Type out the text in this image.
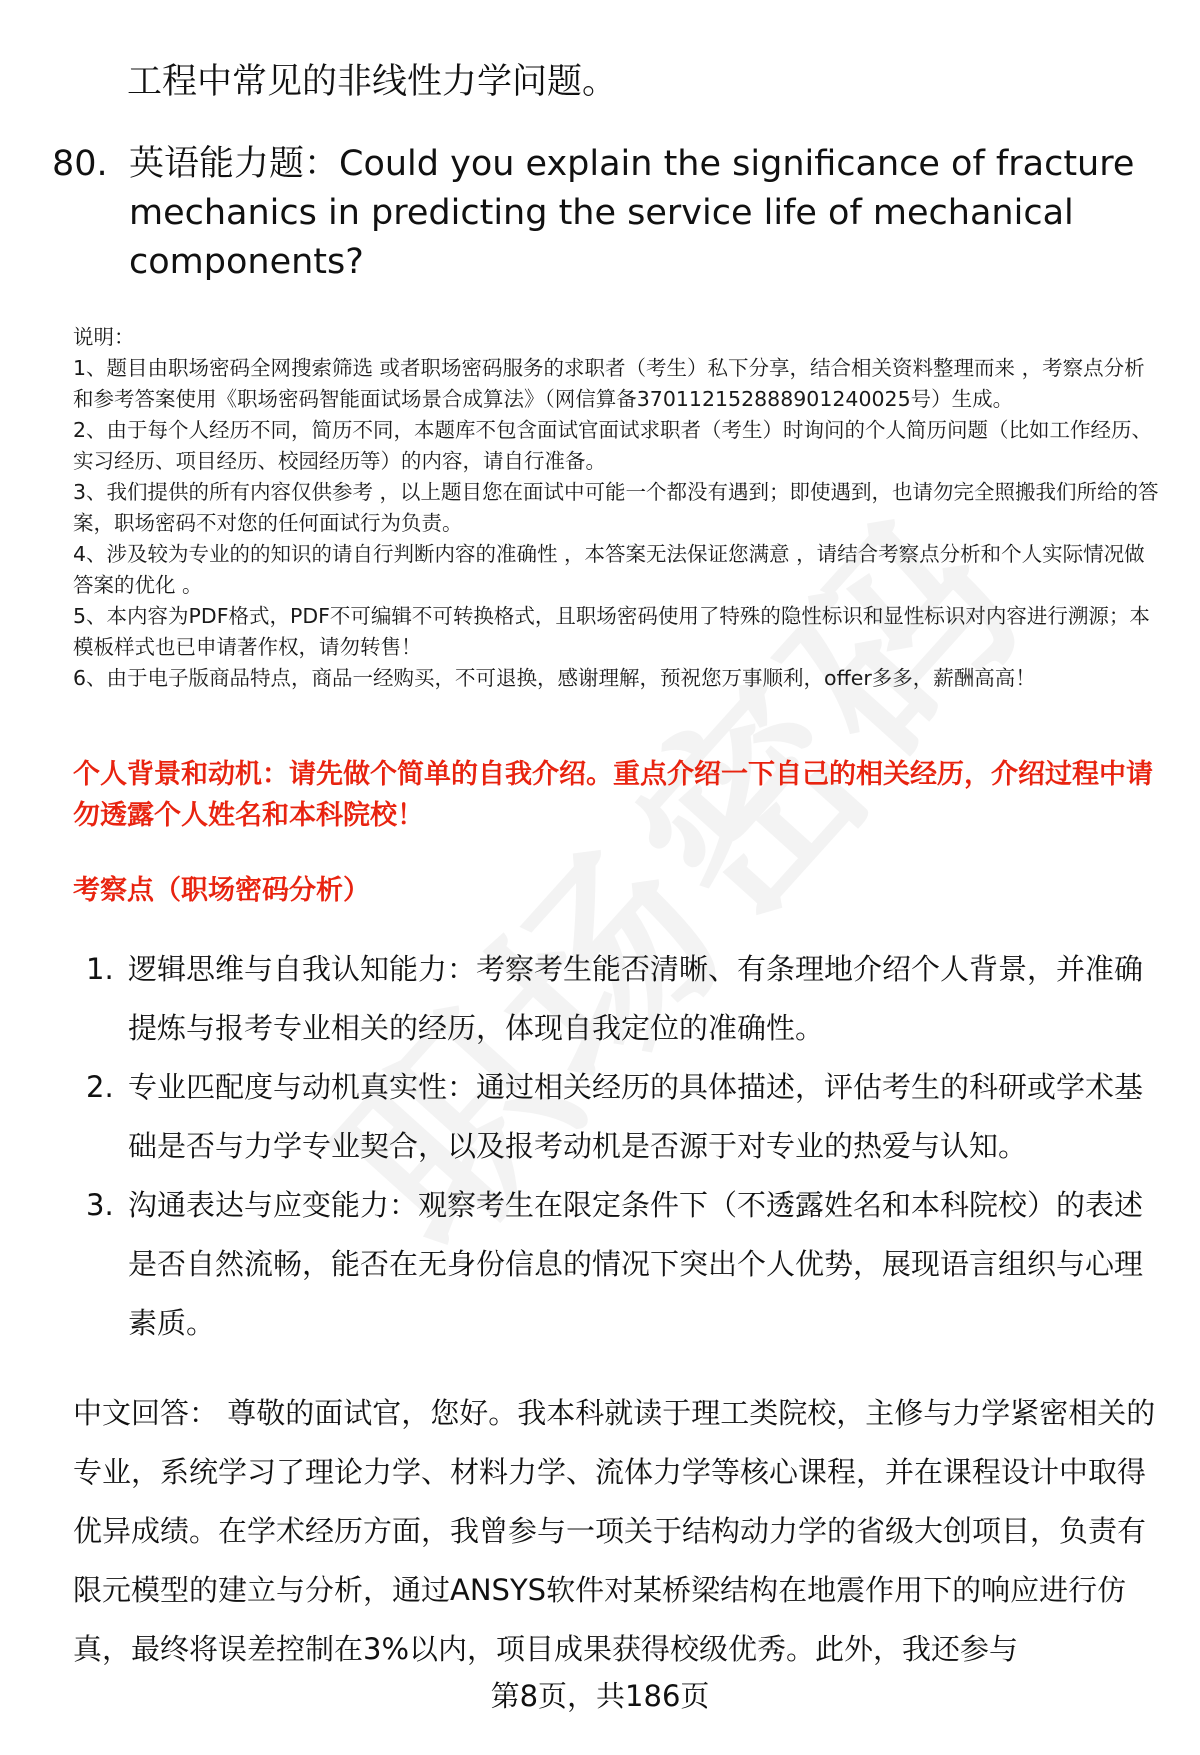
工程中常见的非线性力学问题。

80. 英语能力题：Could you explain the significance of fracture mechanics in predicting the service life of mechanical components?

说明：

1、题目由职场密码全网搜索筛选 或者职场密码服务的求职者（考生）私下分享，结合相关资料整理而来 ，考察点分析和参考答案使用《职场密码智能面试场景合成算法》（网信算备370112152888901240025号）生成。

2、由于每个人经历不同，简历不同，本题库不包含面试官面试求职者（考生）时询问的个人简历问题（比如工作经历、实习经历、项目经历、校园经历等）的内容，请自行准备。

3、我们提供的所有内容仅供参考 ，以上题目您在面试中可能一个都没有遇到；即使遇到，也请勿完全照搬我们所给的答案，职场密码不对您的任何面试行为负责。

4、涉及较为专业的的知识的请自行判断内容的准确性 ，本答案无法保证您满意 ，请结合考察点分析和个人实际情况做答案的优化 。

5、本内容为PDF格式，PDF不可编辑不可转换格式，且职场密码使用了特殊的隐性标识和显性标识对内容进行溯源；本模板样式也已申请著作权，请勿转售！

6、由于电子版商品特点，商品一经购买，不可退换，感谢理解，预祝您万事顺利，offer多多，薪酬高高！

个人背景和动机：请先做个简单的自我介绍。重点介绍一下自己的相关经历，介绍过程中请勿透露个人姓名和本科院校！
考察点（职场密码分析）
1. 逻辑思维与自我认知能力：考察考生能否清晰、有条理地介绍个人背景，并准确提炼与报考专业相关的经历，体现自我定位的准确性。
2. 专业匹配度与动机真实性：通过相关经历的具体描述，评估考生的科研或学术基础是否与力学专业契合，以及报考动机是否源于对专业的热爱与认知。
3. 沟通表达与应变能力：观察考生在限定条件下（不透露姓名和本科院校）的表述是否自然流畅，能否在无身份信息的情况下突出个人优势，展现语言组织与心理素质。

中文回答： 尊敬的面试官，您好。我本科就读于理工类院校，主修与力学紧密相关的专业，系统学习了理论力学、材料力学、流体力学等核心课程，并在课程设计中取得优异成绩。在学术经历方面，我曾参与一项关于结构动力学的省级大创项目，负责有限元模型的建立与分析，通过ANSYS软件对某桥梁结构在地震作用下的响应进行仿真，最终将误差控制在3%以内，项目成果获得校级优秀。此外，我还参与

第8页，共186页
